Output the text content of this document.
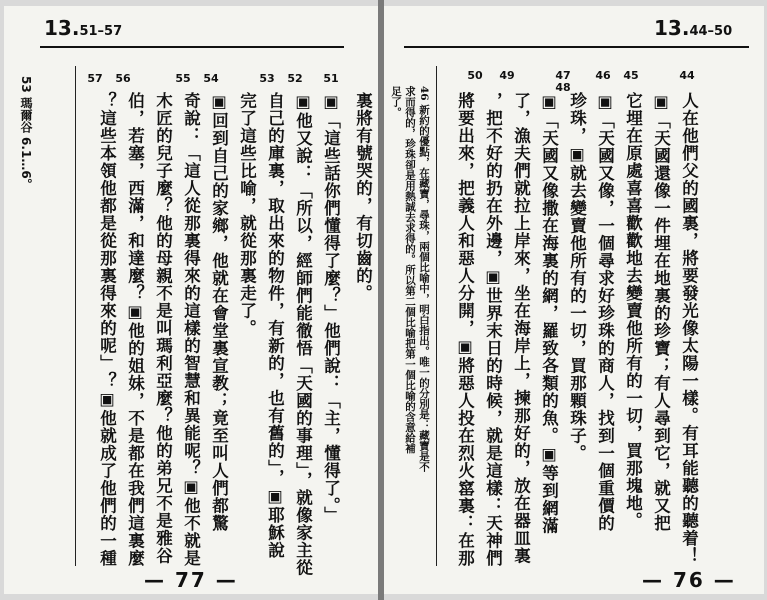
13.51–57
53 瑪爾谷 6.1…6。	57	56	55	54	53	52	51
裏將有號哭的，有切齒的。
▣「這些話你們懂得了麼？」他們說：「主，懂得了。」
▣他又說：「所以，經師們能徹悟「天國的事理」，就像家主從
自己的庫裏，取出來的物件，有新的，也有舊的」，▣耶穌說
完了這些比喻，就從那裏走了。
▣回到自己的家鄉，他就在會堂裏宣教；竟至叫人們都驚
奇說：「這人從那裏得來的這樣的智慧和異能呢？▣他不就是
木匠的兒子麼？他的母親不是叫瑪利亞麼？他的弟兄不是雅谷
伯，若塞，西滿，和達麼？▣他的姐妹，不是都在我們這裏麼
？這些本領他都是從那裏得來的呢」？▣他就成了他們的一種
— 77 —
13.44–50
44
45
46
47
48
49
50
人在他們父的國裏，將要發光像太陽一樣。有耳能聽的聽着！
▣「天國還像一件埋在地裏的珍寶；有人尋到它，就又把
它埋在原處喜喜歡歡地去變賣他所有的一切，買那塊地。
▣「天國又像，一個尋求好珍珠的商人，找到一個重價的
珍珠，▣就去變賣他所有的一切，買那顆珠子。
▣「天國又像撒在海裏的網，羅致各類的魚。▣等到網滿
了，漁夫們就拉上岸來，坐在海岸上，揀那好的，放在器皿裏
，把不好的扔在外邊，▣世界末日的時候，就是這樣：天神們
將要出來，把義人和惡人分開，▣將惡人投在烈火窰裏：在那
46 新約的優點，在藏寶，尋珠，兩個比喻中，明白指出。唯一的分別是：藏寶是不
求而得的，珍珠卻是用熱誠去求得的。所以第二個比喻把第一個比喻的含意給補
足了。
— 76 —
